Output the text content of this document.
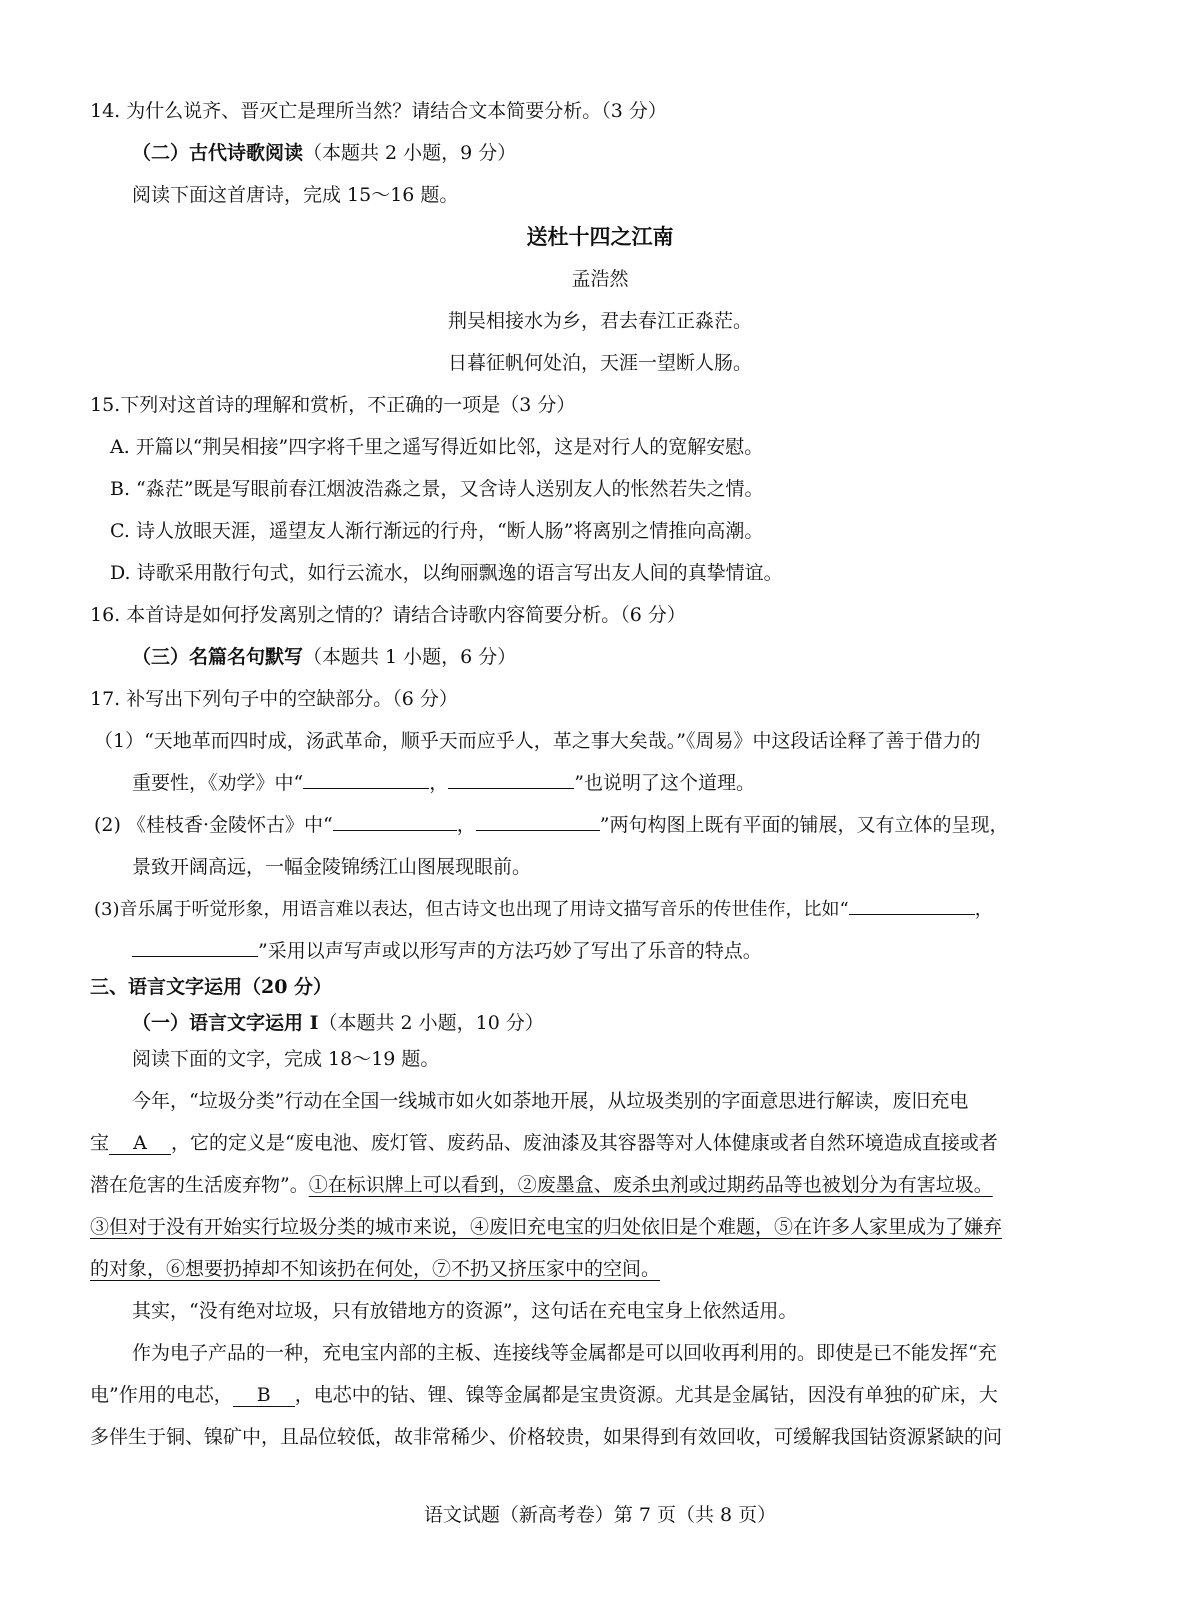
14. 为什么说齐、晋灭亡是理所当然？请结合文本简要分析。（3 分）
（二）古代诗歌阅读（本题共 2 小题，9 分）
阅读下面这首唐诗，完成 15～16 题。
送杜十四之江南
孟浩然
荆吴相接水为乡，君去春江正淼茫。
日暮征帆何处泊，天涯一望断人肠。
15.下列对这首诗的理解和赏析，不正确的一项是（3 分）
A. 开篇以“荆吴相接”四字将千里之遥写得近如比邻，这是对行人的宽解安慰。
B. “淼茫”既是写眼前春江烟波浩淼之景，又含诗人送别友人的怅然若失之情。
C. 诗人放眼天涯，遥望友人渐行渐远的行舟，“断人肠”将离别之情推向高潮。
D. 诗歌采用散行句式，如行云流水，以绚丽飘逸的语言写出友人间的真挚情谊。
16. 本首诗是如何抒发离别之情的？请结合诗歌内容简要分析。（6 分）
（三）名篇名句默写（本题共 1 小题，6 分）
17. 补写出下列句子中的空缺部分。（6 分）
（1）“天地革而四时成，汤武革命，顺乎天而应乎人，革之事大矣哉。”《周易》中这段话诠释了善于借力的
重要性，《劝学》中“	，	”也说明了这个道理。
(2) 《桂枝香·金陵怀古》中“	，	”两句构图上既有平面的铺展，又有立体的呈现，
景致开阔高远，一幅金陵锦绣江山图展现眼前。
(3)音乐属于听觉形象，用语言难以表达，但古诗文也出现了用诗文描写音乐的传世佳作，比如“	，
”采用以声写声或以形写声的方法巧妙了写出了乐音的特点。
三、语言文字运用（20 分）
（一）语言文字运用 I（本题共 2 小题，10 分）
阅读下面的文字，完成 18～19 题。
今年，“垃圾分类”行动在全国一线城市如火如荼地开展，从垃圾类别的字面意思进行解读，废旧充电
宝 A ，它的定义是“废电池、废灯管、废药品、废油漆及其容器等对人体健康或者自然环境造成直接或者
潜在危害的生活废弃物”。①在标识牌上可以看到，②废墨盒、废杀虫剂或过期药品等也被划分为有害垃圾。
③但对于没有开始实行垃圾分类的城市来说，④废旧充电宝的归处依旧是个难题，⑤在许多人家里成为了嫌弃
的对象，⑥想要扔掉却不知该扔在何处，⑦不扔又挤压家中的空间。
其实，“没有绝对垃圾，只有放错地方的资源”，这句话在充电宝身上依然适用。
作为电子产品的一种，充电宝内部的主板、连接线等金属都是可以回收再利用的。即使是已不能发挥“充
电”作用的电芯， B ，电芯中的钴、锂、镍等金属都是宝贵资源。尤其是金属钴，因没有单独的矿床，大
多伴生于铜、镍矿中，且品位较低，故非常稀少、价格较贵，如果得到有效回收，可缓解我国钴资源紧缺的问
语文试题（新高考卷）第 7 页（共 8 页）
